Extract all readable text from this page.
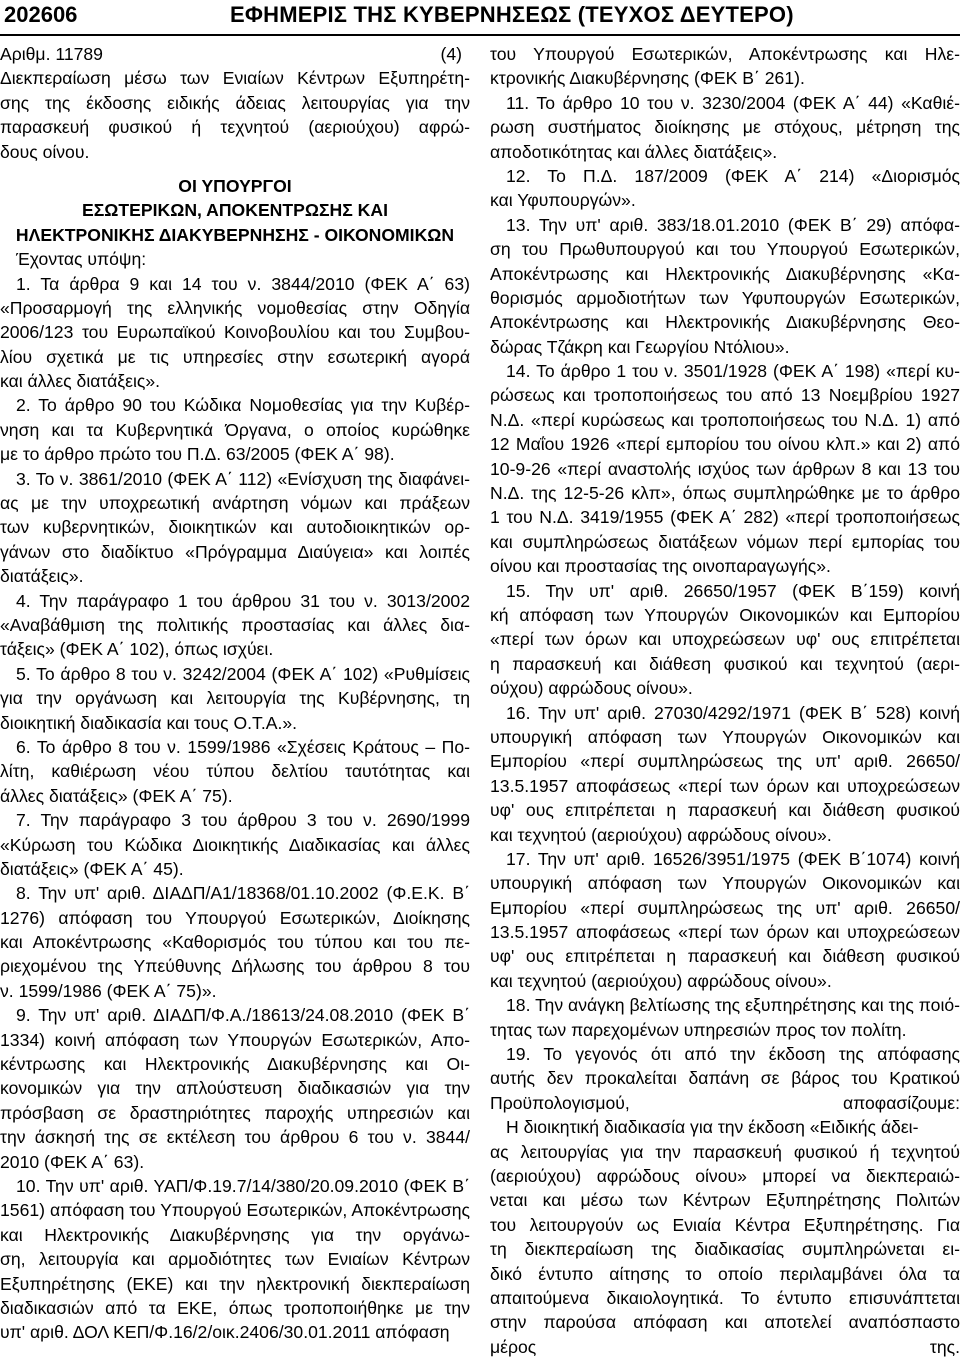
202606	ΕΦΗΜΕΡΙΣ ΤΗΣ ΚΥΒΕΡΝΗΣΕΩΣ (ΤΕΥΧΟΣ ΔΕΥΤΕΡΟ)
Αριθμ. 11789	(4)
Διεκπεραίωση μέσω των Ενιαίων Κέντρων Εξυπηρέτη-
σης της έκδοσης ειδικής άδειας λειτουργίας για την
παρασκευή φυσικού ή τεχνητού (αεριούχου) αφρώ-
δους οίνου.
ΟΙ ΥΠΟΥΡΓΟΙ
ΕΣΩΤΕΡΙΚΩΝ, ΑΠΟΚΕΝΤΡΩΣΗΣ ΚΑΙ
ΗΛΕΚΤΡΟΝΙΚΗΣ ΔΙΑΚΥΒΕΡΝΗΣΗΣ - ΟΙΚΟΝΟΜΙΚΩΝ
Έχοντας υπόψη:
1. Τα άρθρα 9 και 14 του ν. 3844/2010 (ΦΕΚ Α΄ 63)
«Προσαρμογή της ελληνικής νομοθεσίας στην Οδηγία
2006/123 του Ευρωπαϊκού Κοινοβουλίου και του Συμβου-
λίου σχετικά με τις υπηρεσίες στην εσωτερική αγορά
και άλλες διατάξεις».
2. Το άρθρο 90 του Κώδικα Νομοθεσίας για την Κυβέρ-
νηση και τα Κυβερνητικά Όργανα, ο οποίος κυρώθηκε
με το άρθρο πρώτο του Π.Δ. 63/2005 (ΦΕΚ Α΄ 98).
3. Το ν. 3861/2010 (ΦΕΚ Α΄ 112) «Ενίσχυση της διαφάνει-
ας με την υποχρεωτική ανάρτηση νόμων και πράξεων
των κυβερνητικών, διοικητικών και αυτοδιοικητικών ορ-
γάνων στο διαδίκτυο «Πρόγραμμα Διαύγεια» και λοιπές
διατάξεις».
4. Την παράγραφο 1 του άρθρου 31 του ν. 3013/2002
«Αναβάθμιση της πολιτικής προστασίας και άλλες δια-
τάξεις» (ΦΕΚ Α΄ 102), όπως ισχύει.
5. Το άρθρο 8 του ν. 3242/2004 (ΦΕΚ Α΄ 102) «Ρυθμίσεις
για την οργάνωση και λειτουργία της Κυβέρνησης, τη
διοικητική διαδικασία και τους Ο.Τ.Α.».
6. Το άρθρο 8 του ν. 1599/1986 «Σχέσεις Κράτους – Πο-
λίτη, καθιέρωση νέου τύπου δελτίου ταυτότητας και
άλλες διατάξεις» (ΦΕΚ Α΄ 75).
7. Την παράγραφο 3 του άρθρου 3 του ν. 2690/1999
«Κύρωση του Κώδικα Διοικητικής Διαδικασίας και άλλες
διατάξεις» (ΦΕΚ Α΄ 45).
8. Την υπ' αριθ. ΔΙΑΔΠ/Α1/18368/01.10.2002 (Φ.Ε.Κ. Β΄
1276) απόφαση του Υπουργού Εσωτερικών, Διοίκησης
και Αποκέντρωσης «Καθορισμός του τύπου και του πε-
ριεχομένου της Υπεύθυνης Δήλωσης του άρθρου 8 του
ν. 1599/1986 (ΦΕΚ Α΄ 75)».
9. Την υπ' αριθ. ΔΙΑΔΠ/Φ.Α./18613/24.08.2010 (ΦΕΚ Β΄
1334) κοινή απόφαση των Υπουργών Εσωτερικών, Απο-
κέντρωσης και Ηλεκτρονικής Διακυβέρνησης και Οι-
κονομικών για την απλούστευση διαδικασιών για την
πρόσβαση σε δραστηριότητες παροχής υπηρεσιών και
την άσκησή της σε εκτέλεση του άρθρου 6 του ν. 3844/
2010 (ΦΕΚ Α΄ 63).
10. Την υπ' αριθ. ΥΑΠ/Φ.19.7/14/380/20.09.2010 (ΦΕΚ Β΄
1561) απόφαση του Υπουργού Εσωτερικών, Αποκέντρωσης
και Ηλεκτρονικής Διακυβέρνησης για την οργάνω-
ση, λειτουργία και αρμοδιότητες των Ενιαίων Κέντρων
Εξυπηρέτησης (ΕΚΕ) και την ηλεκτρονική διεκπεραίωση
διαδικασιών από τα ΕΚΕ, όπως τροποποιήθηκε με την
υπ' αριθ. ΔΟΛ ΚΕΠ/Φ.16/2/οικ.2406/30.01.2011 απόφαση
του Υπουργού Εσωτερικών, Αποκέντρωσης και Ηλε-
κτρονικής Διακυβέρνησης (ΦΕΚ Β΄ 261).
11. Το άρθρο 10 του ν. 3230/2004 (ΦΕΚ Α΄ 44) «Καθιέ-
ρωση συστήματος διοίκησης με στόχους, μέτρηση της
αποδοτικότητας και άλλες διατάξεις».
12. Το Π.Δ. 187/2009 (ΦΕΚ Α΄ 214) «Διορισμός
και Υφυπουργών».
13. Την υπ' αριθ. 383/18.01.2010 (ΦΕΚ Β΄ 29) απόφα-
ση του Πρωθυπουργού και του Υπουργού Εσωτερικών,
Αποκέντρωσης και Ηλεκτρονικής Διακυβέρνησης «Κα-
θορισμός αρμοδιοτήτων των Υφυπουργών Εσωτερικών,
Αποκέντρωσης και Ηλεκτρονικής Διακυβέρνησης Θεο-
δώρας Τζάκρη και Γεωργίου Ντόλιου».
14. Το άρθρο 1 του ν. 3501/1928 (ΦΕΚ Α΄ 198) «περί κυ-
ρώσεως και τροποποιήσεως του από 13 Νοεμβρίου 1927
Ν.Δ. «περί κυρώσεως και τροποποιήσεως του Ν.Δ. 1) από
12 Μαΐου 1926 «περί εμπορίου του οίνου κλπ.» και 2) από
10-9-26 «περί αναστολής ισχύος των άρθρων 8 και 13 του
Ν.Δ. της 12-5-26 κλπ», όπως συμπληρώθηκε με το άρθρο
1 του Ν.Δ. 3419/1955 (ΦΕΚ Α΄ 282) «περί τροποποιήσεως
και συμπληρώσεως διατάξεων νόμων περί εμπορίας του
οίνου και προστασίας της οινοπαραγωγής».
15. Την υπ' αριθ. 26650/1957 (ΦΕΚ Β΄159) κοινή
κή απόφαση των Υπουργών Οικονομικών και Εμπορίου
«περί των όρων και υποχρεώσεων υφ' ους επιτρέπεται
η παρασκευή και διάθεση φυσικού και τεχνητού (αερι-
ούχου) αφρώδους οίνου».
16. Την υπ' αριθ. 27030/4292/1971 (ΦΕΚ Β΄ 528) κοινή
υπουργική απόφαση των Υπουργών Οικονομικών και
Εμπορίου «περί συμπληρώσεως της υπ' αριθ. 26650/
13.5.1957 αποφάσεως «περί των όρων και υποχρεώσεων
υφ' ους επιτρέπεται η παρασκευή και διάθεση φυσικού
και τεχνητού (αεριούχου) αφρώδους οίνου».
17. Την υπ' αριθ. 16526/3951/1975 (ΦΕΚ Β΄1074) κοινή
υπουργική απόφαση των Υπουργών Οικονομικών και
Εμπορίου «περί συμπληρώσεως της υπ' αριθ. 26650/
13.5.1957 αποφάσεως «περί των όρων και υποχρεώσεων
υφ' ους επιτρέπεται η παρασκευή και διάθεση φυσικού
και τεχνητού (αεριούχου) αφρώδους οίνου».
18. Την ανάγκη βελτίωσης της εξυπηρέτησης και της ποιό-
τητας των παρεχομένων υπηρεσιών προς τον πολίτη.
19. Το γεγονός ότι από την έκδοση της απόφασης
αυτής δεν προκαλείται δαπάνη σε βάρος του Κρατικού
Προϋπολογισμού, αποφασίζουμε:
Η διοικητική διαδικασία για την έκδοση «Ειδικής άδει-
ας λειτουργίας για την παρασκευή φυσικού ή τεχνητού
(αεριούχου) αφρώδους οίνου» μπορεί να διεκπεραιώ-
νεται και μέσω των Κέντρων Εξυπηρέτησης Πολιτών
του λειτουργούν ως Ενιαία Κέντρα Εξυπηρέτησης. Για
τη διεκπεραίωση της διαδικασίας συμπληρώνεται ει-
δικό έντυπο αίτησης το οποίο περιλαμβάνει όλα τα
απαιτούμενα δικαιολογητικά. Το έντυπο επισυνάπτεται
στην παρούσα απόφαση και αποτελεί αναπόσπαστο
μέρος της.
